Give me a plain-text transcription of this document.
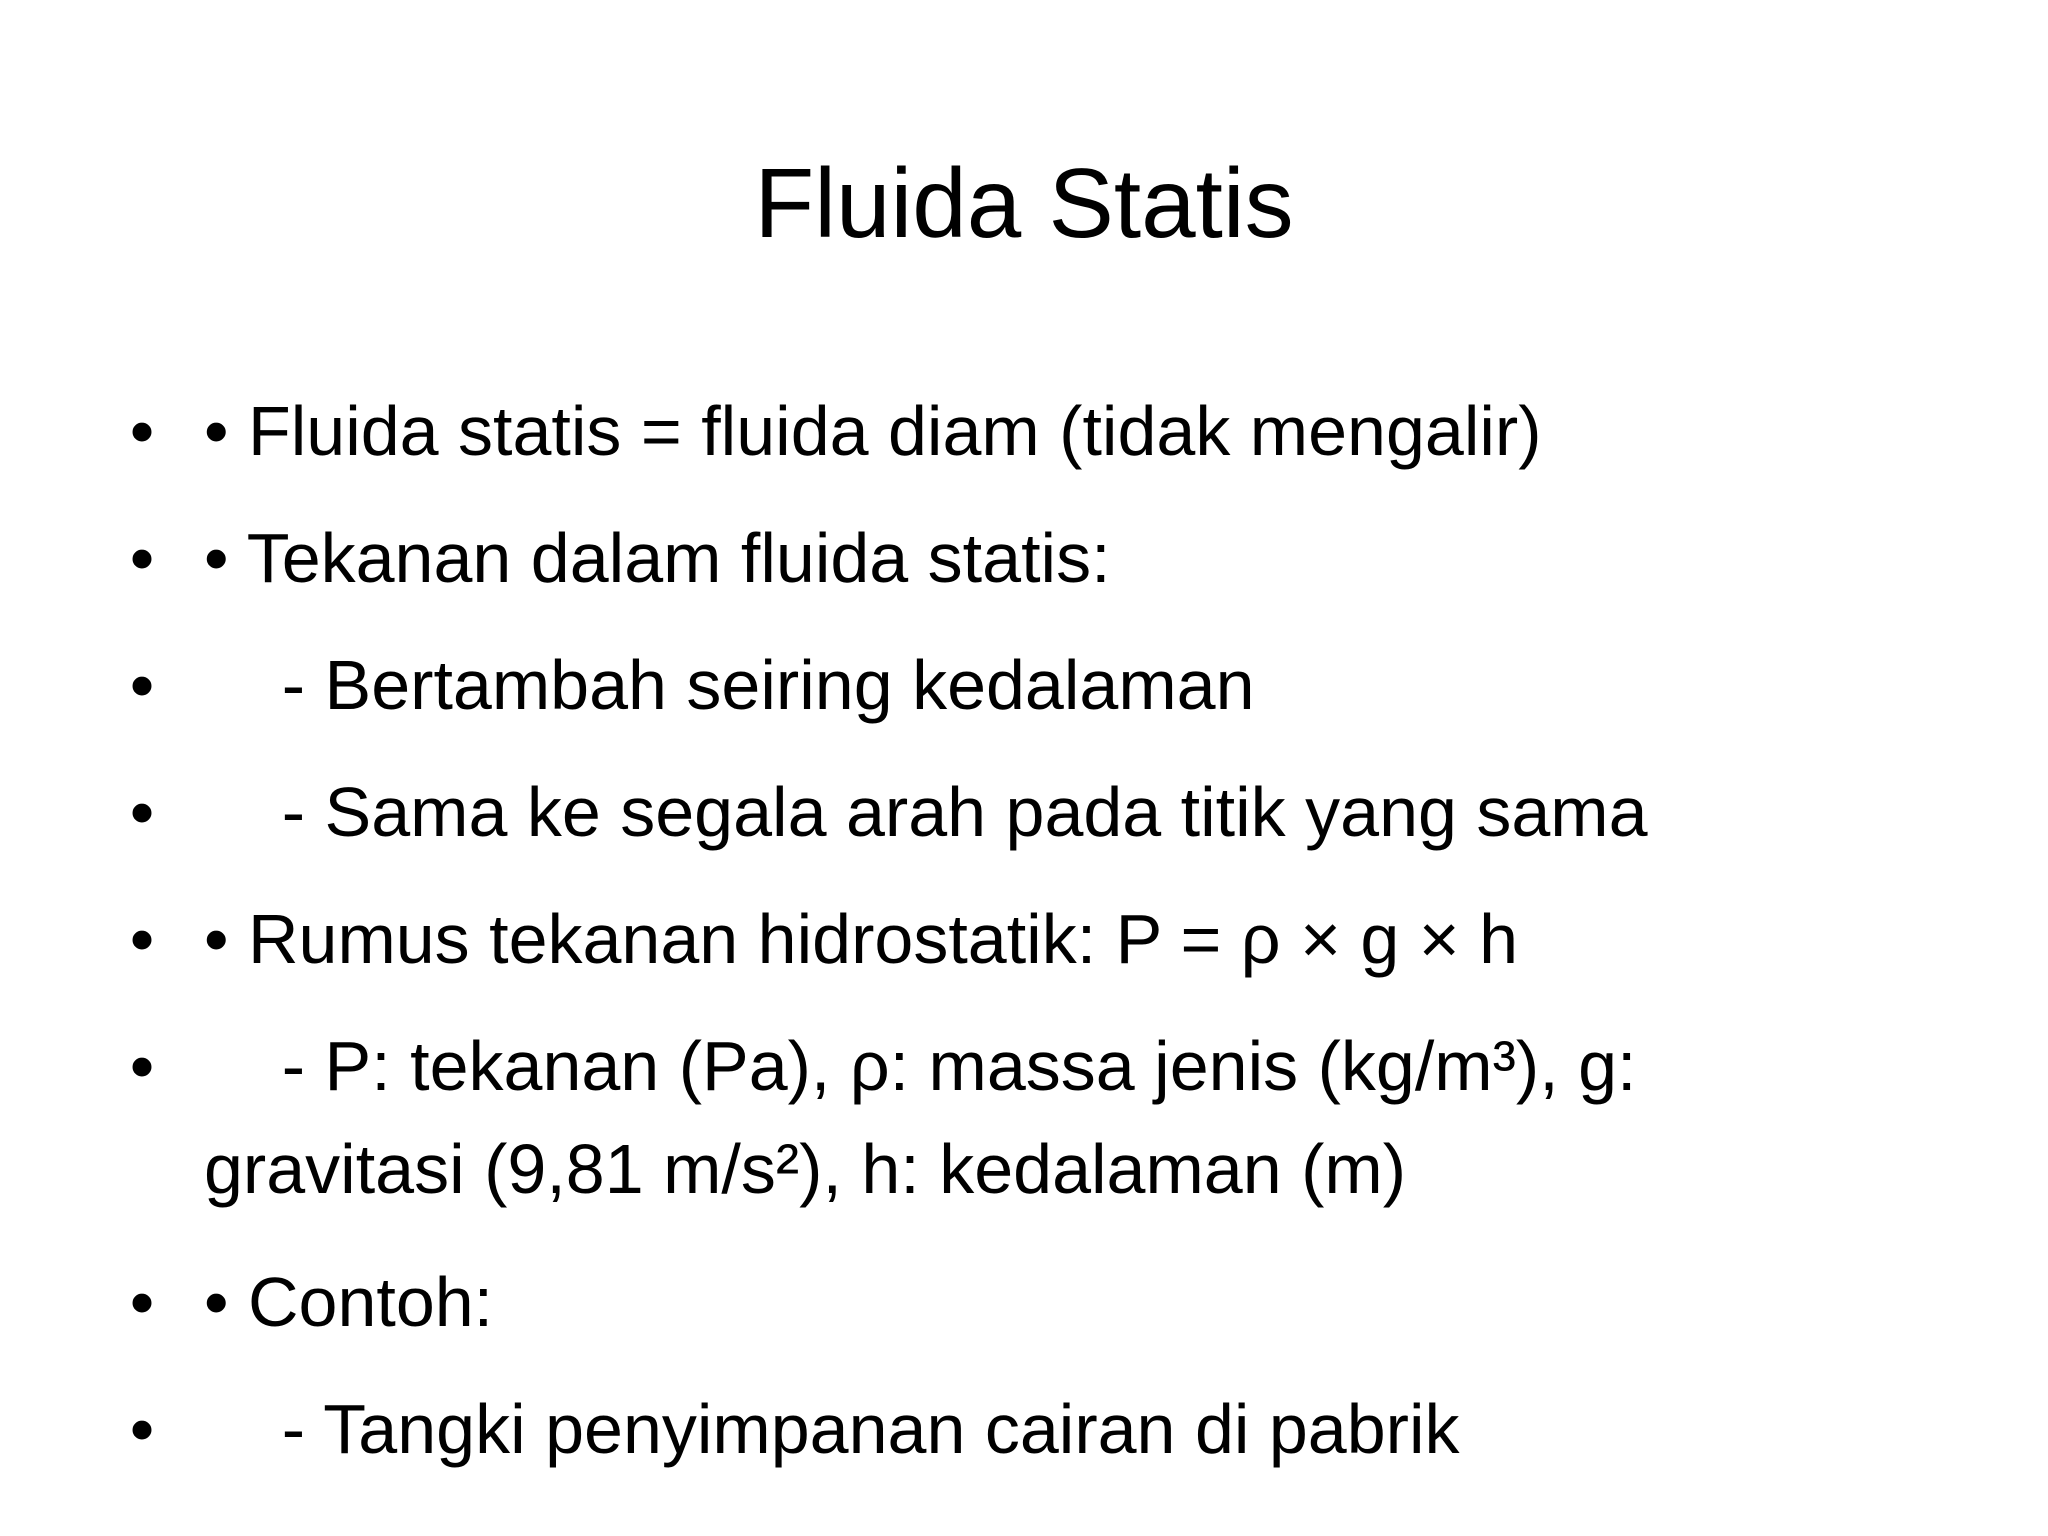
Fluida Statis
• • Fluida statis = fluida diam (tidak mengalir)
• • Tekanan dalam fluida statis:
• - Bertambah seiring kedalaman
• - Sama ke segala arah pada titik yang sama
• • Rumus tekanan hidrostatik: P = ρ × g × h
• - P: tekanan (Pa), ρ: massa jenis (kg/m³), g:
gravitasi (9,81 m/s²), h: kedalaman (m)
• • Contoh:
• - Tangki penyimpanan cairan di pabrik
